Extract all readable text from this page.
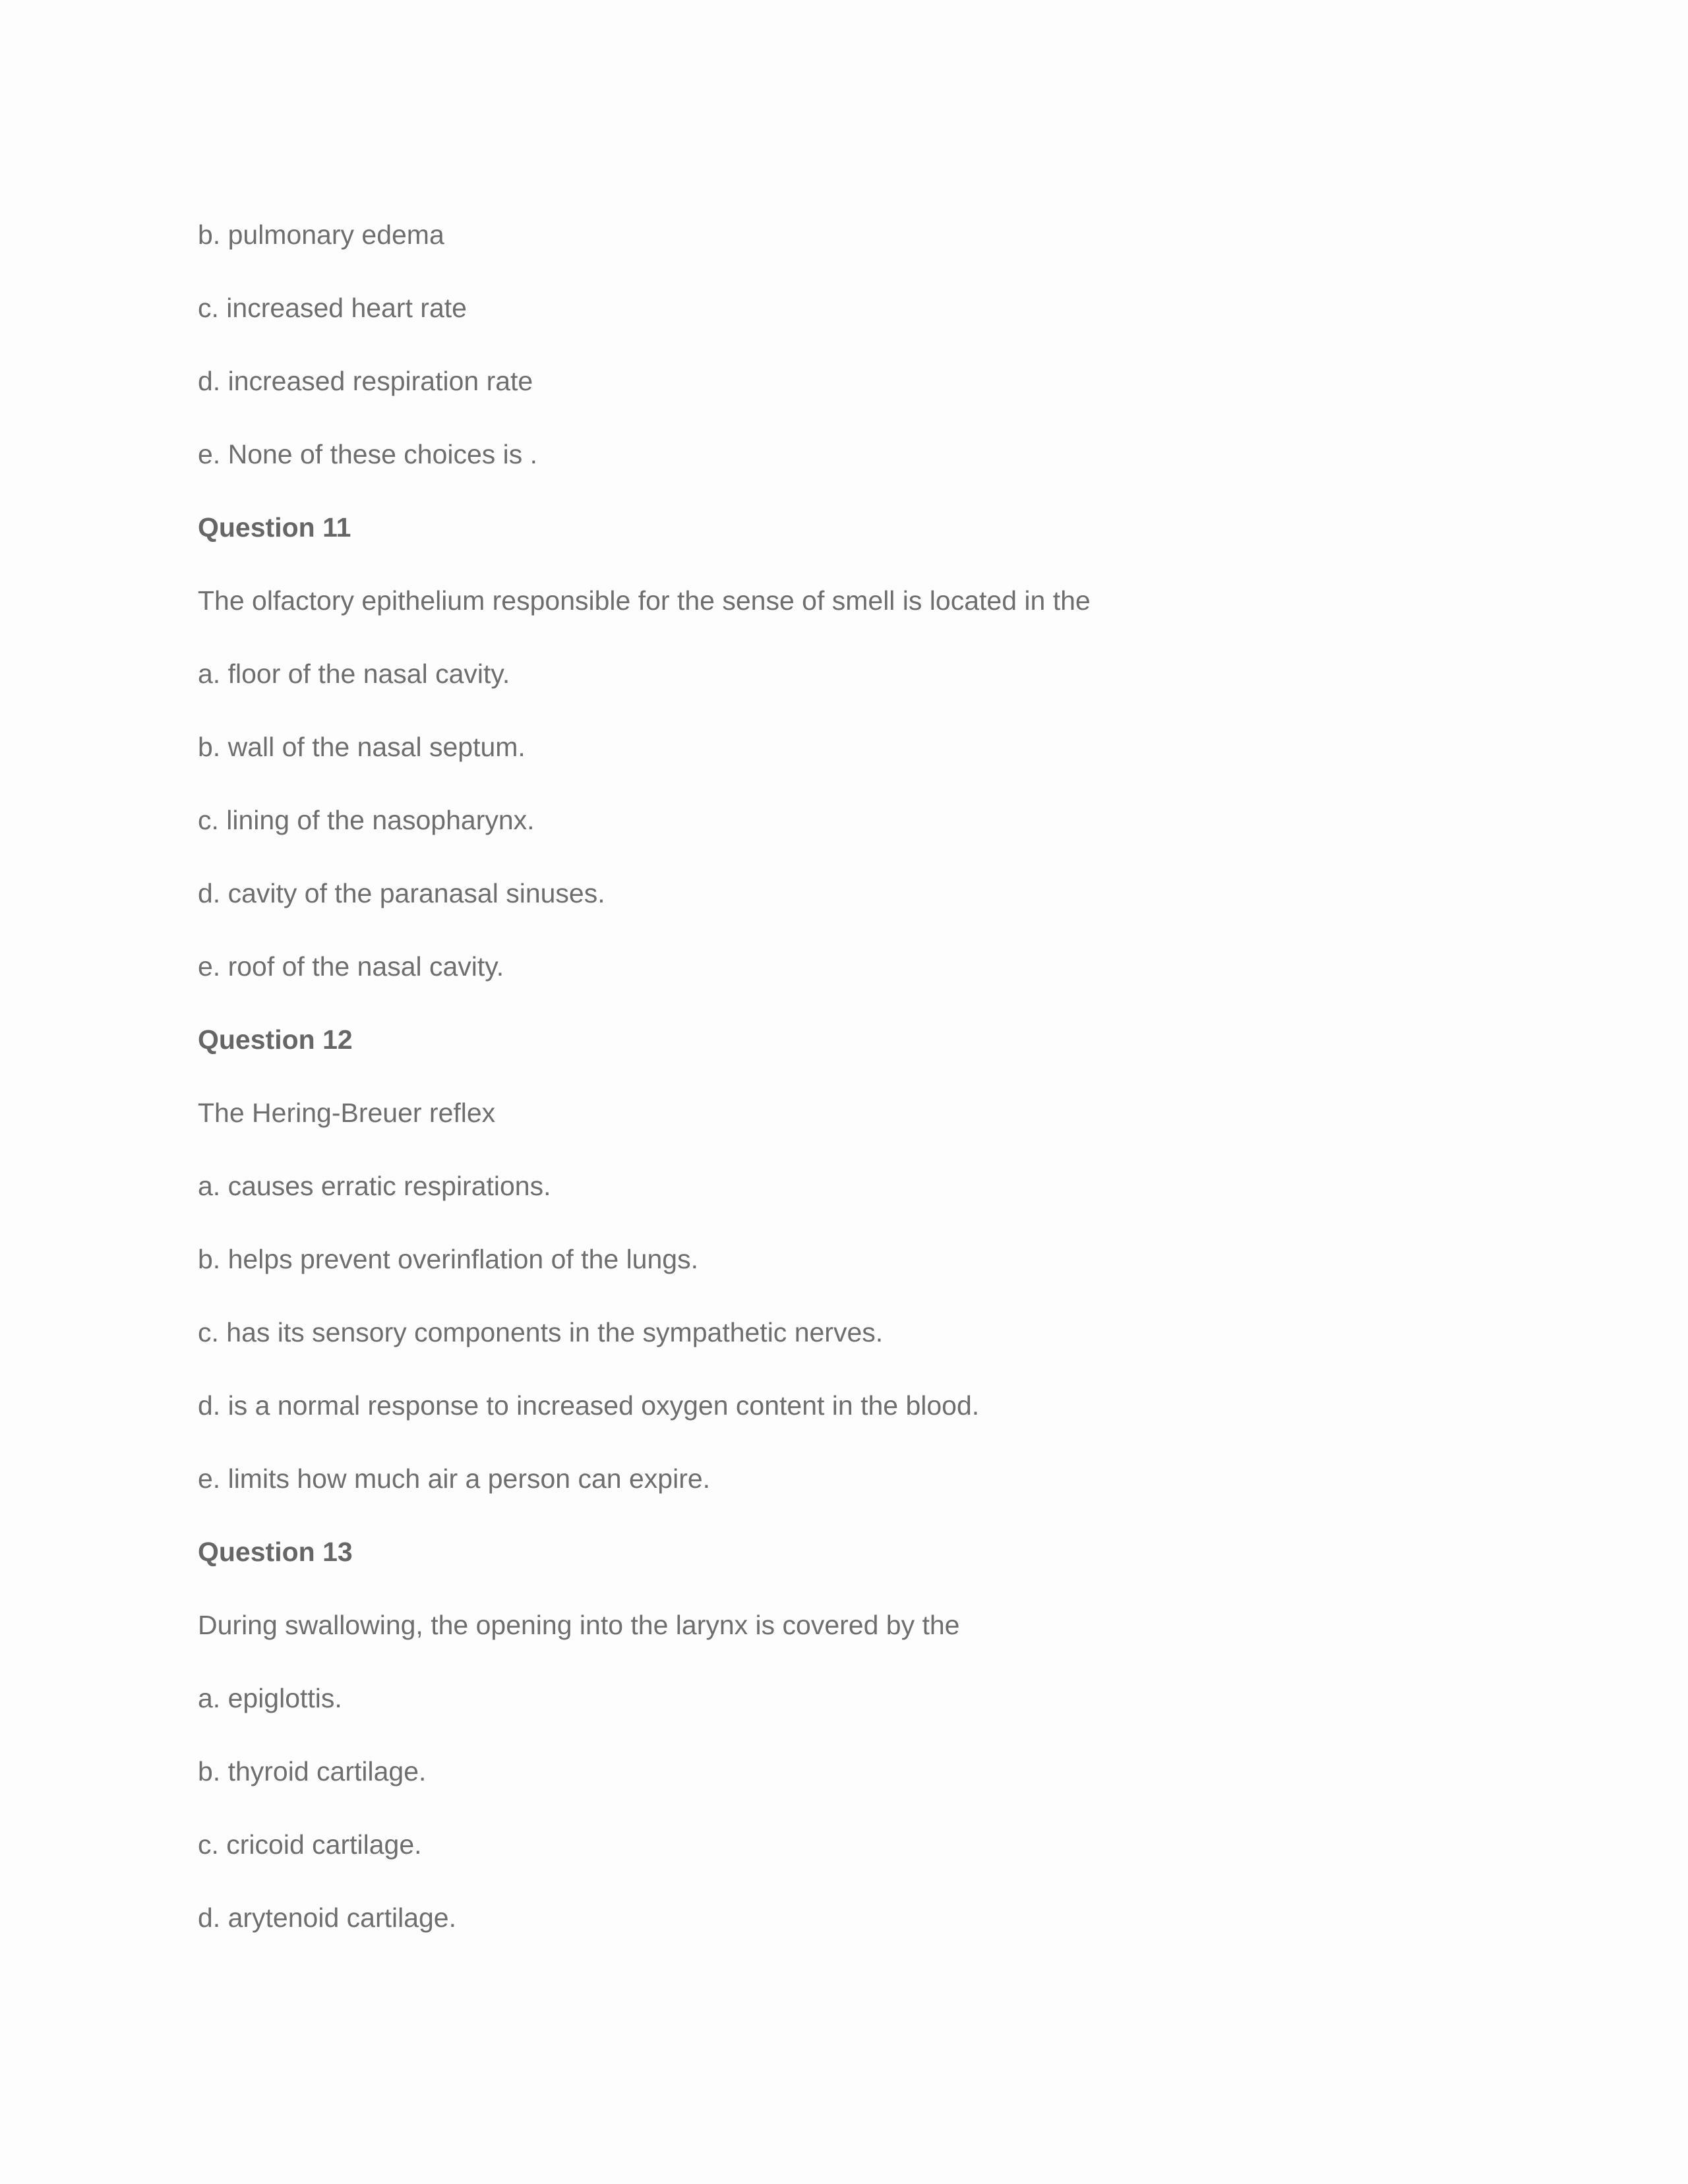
b. pulmonary edema
c. increased heart rate
d. increased respiration rate
e. None of these choices is .
Question 11
The olfactory epithelium responsible for the sense of smell is located in the
a. floor of the nasal cavity.
b. wall of the nasal septum.
c. lining of the nasopharynx.
d. cavity of the paranasal sinuses.
e. roof of the nasal cavity.
Question 12
The Hering-Breuer reflex
a. causes erratic respirations.
b. helps prevent overinflation of the lungs.
c. has its sensory components in the sympathetic nerves.
d. is a normal response to increased oxygen content in the blood.
e. limits how much air a person can expire.
Question 13
During swallowing, the opening into the larynx is covered by the
a. epiglottis.
b. thyroid cartilage.
c. cricoid cartilage.
d. arytenoid cartilage.
